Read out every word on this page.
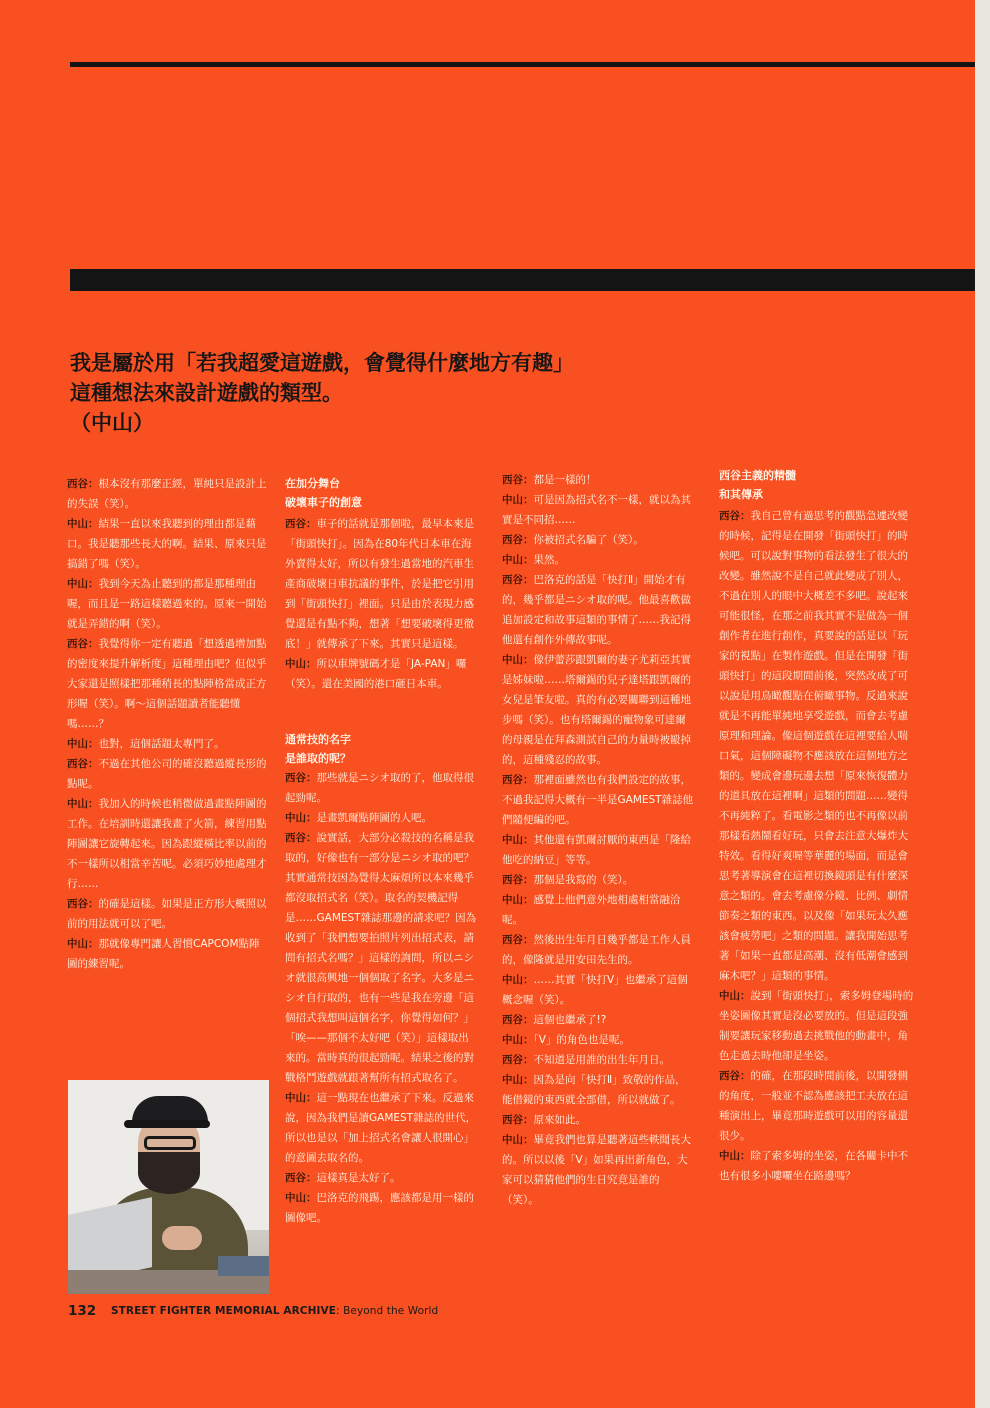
我是屬於用「若我超愛這遊戲，會覺得什麼地方有趣」
這種想法來設計遊戲的類型。
（中山）

西谷：根本沒有那麼正經，單純只是設計上的失誤（笑）。

中山：結果一直以來我聽到的理由都是藉口。我是聽那些長大的啊。結果、原來只是搞錯了嗎（笑）。

中山：我到今天為止聽到的都是那種理由喔，而且是一路這樣聽過來的。原來一開始就是弄錯的啊（笑）。

西谷：我覺得你一定有聽過「想透過增加點的密度來提升解析度」這種理由吧？但似乎大家還是照樣把那種稍長的點陣格當成正方形喔（笑）。啊～這個話題讀者能聽懂嗎……？

中山：也對，這個話題太專門了。

西谷：不過在其他公司的確沒聽過縱長形的點呢。

中山：我加入的時候也稍微做過畫點陣圖的工作。在培訓時還讓我畫了火箭，練習用點陣圖讓它旋轉起來。因為跟縱橫比率以前的不一樣所以相當辛苦呢。必須巧妙地處理才行……

西谷：的確是這樣。如果是正方形大概照以前的用法就可以了吧。

中山：那就像專門讓人習慣CAPCOM點陣圖的練習呢。

在加分舞台
破壞車子的創意

西谷：車子的話就是那個啦，最早本來是「街頭快打」。因為在80年代日本車在海外賣得太好，所以有發生過當地的汽車生產商破壞日車抗議的事件，於是把它引用到「街頭快打」裡面。只是由於表現力感覺還是有點不夠，想著「想要破壞得更徹底！」就傳承了下來。其實只是這樣。

中山：所以車牌號碼才是「JA-PAN」囉（笑）。還在美國的港口砸日本車。

通常技的名字
是誰取的呢？

西谷：那些就是ニシオ取的了，他取得很起勁呢。

中山：是畫凱爾點陣圖的人吧。

西谷：說實話，大部分必殺技的名稱是我取的，好像也有一部分是ニシオ取的吧？其實通常技因為覺得太麻煩所以本來幾乎都沒取招式名（笑）。取名的契機記得是……GAMEST雜誌那邊的請求吧？因為收到了「我們想要拍照片列出招式表，請問有招式名嗎？」這樣的詢問，所以ニシオ就很高興地一個個取了名字。大多是ニシオ自行取的，也有一些是我在旁邊「這個招式我想叫這個名字，你覺得如何？」「唉——那個不太好吧（笑）」這樣取出來的。當時真的很起勁呢。結果之後的對戰格鬥遊戲就跟著幫所有招式取名了。

中山：這一點現在也繼承了下來。反過來說，因為我們是讀GAMEST雜誌的世代，所以也是以「加上招式名會讓人很開心」的意圖去取名的。

西谷：這樣真是太好了。

中山：巴洛克的飛踢，應該都是用一樣的圖像吧。

西谷：都是一樣的！

中山：可是因為招式名不一樣，就以為其實是不同招……

西谷：你被招式名騙了（笑）。

中山：果然。

西谷：巴洛克的話是「快打Ⅱ」開始才有的，幾乎都是ニシオ取的呢。他最喜歡做追加設定和故事這類的事情了……我記得他還有創作外傳故事呢。

中山：像伊蕾莎跟凱爾的妻子尤莉亞其實是姊妹啦……塔爾錫的兒子達塔跟凱爾的女兒是筆友啦。真的有必要關聯到這種地步嗎（笑）。也有塔爾錫的寵物象可達爾的母親是在拜森測試自己的力量時被毆掉的，這種殘忍的故事。

西谷：那裡面雖然也有我們設定的故事，不過我記得大概有一半是GAMEST雜誌他們隨便編的吧。

中山：其他還有凱爾討厭的東西是「隆給他吃的納豆」等等。

西谷：那個是我寫的（笑）。

中山：感覺上他們意外地相處相當融洽呢。

西谷：然後出生年月日幾乎都是工作人員的，像隆就是用安田先生的。

中山：……其實「快打Ⅴ」也繼承了這個概念喔（笑）。

西谷：這個也繼承了!?

中山：「Ⅴ」的角色也是呢。

西谷：不知道是用誰的出生年月日。

中山：因為是向「快打Ⅱ」致敬的作品，能借鏡的東西就全部借，所以就做了。

西谷：原來如此。

中山：畢竟我們也算是聽著這些軼聞長大的。所以以後「Ⅴ」如果再出新角色，大家可以猜猜他們的生日究竟是誰的（笑）。

西谷主義的精髓
和其傳承

西谷：我自己曾有過思考的觀點急遽改變的時候，記得是在開發「街頭快打」的時候吧。可以說對事物的看法發生了很大的改變。雖然說不是自己就此變成了別人，不過在別人的眼中大概差不多吧。說起來可能很怪，在那之前我其實不是做為一個創作者在進行創作，真要說的話是以「玩家的視點」在製作遊戲。但是在開發「街頭快打」的這段期間前後，突然改成了可以說是用鳥瞰觀點在俯瞰事物。反過來說就是不再能單純地享受遊戲，而會去考慮原理和理論。像這個遊戲在這裡要給人喘口氣，這個障礙物不應該放在這個地方之類的。變成會邊玩邊去想「原來恢復體力的道具放在這裡啊」這類的問題……變得不再純粹了。看電影之類的也不再像以前那樣看熱鬧看好玩，只會去注意大爆炸大特效。看得好爽喔等華麗的場面，而是會思考著導演會在這裡切換鏡頭是有什麼深意之類的。會去考慮像分鏡、比例、劇情節奏之類的東西。以及像「如果玩太久應該會疲勞吧」之類的問題。讓我開始思考著「如果一直都是高潮、沒有低潮會感到麻木吧？」這類的事情。

中山：說到「街頭快打」，索多姆登場時的坐姿圖像其實是沒必要放的。但是這段強制要讓玩家移動過去挑戰他的動畫中，角色走過去時他卻是坐姿。

西谷：的確，在那段時間前後，以開發側的角度，一般並不認為應該把工夫放在這種演出上，畢竟那時遊戲可以用的容量還很少。

中山：除了索多姆的坐姿，在各關卡中不也有很多小嘍囉坐在路邊嗎？

132 STREET FIGHTER MEMORIAL ARCHIVE: Beyond the World
